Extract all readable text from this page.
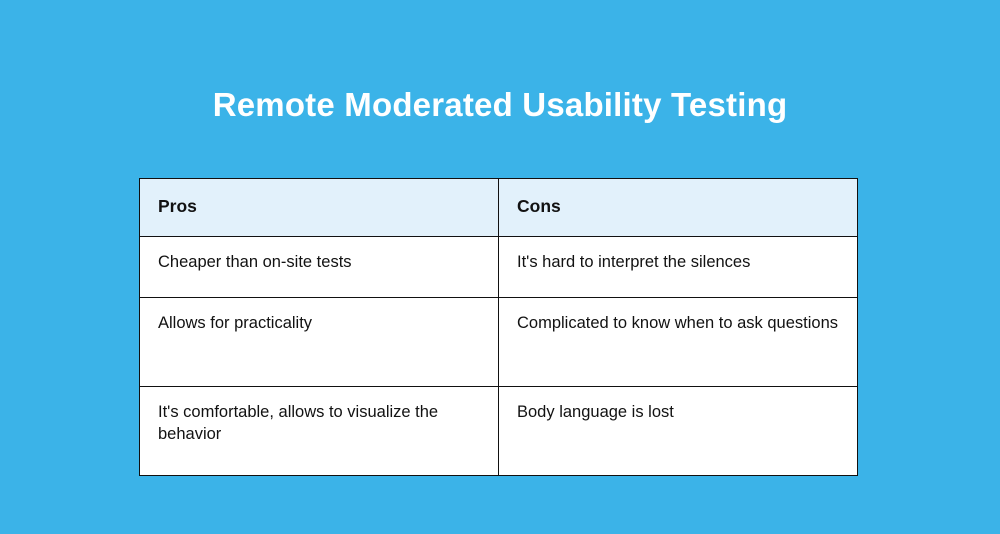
Remote Moderated Usability Testing
Pros	Cons

Cheaper than on-site tests	It's hard to interpret the silences

Allows for practicality	Complicated to know when to ask questions

It's comfortable, allows to visualize the behavior	Body language is lost
